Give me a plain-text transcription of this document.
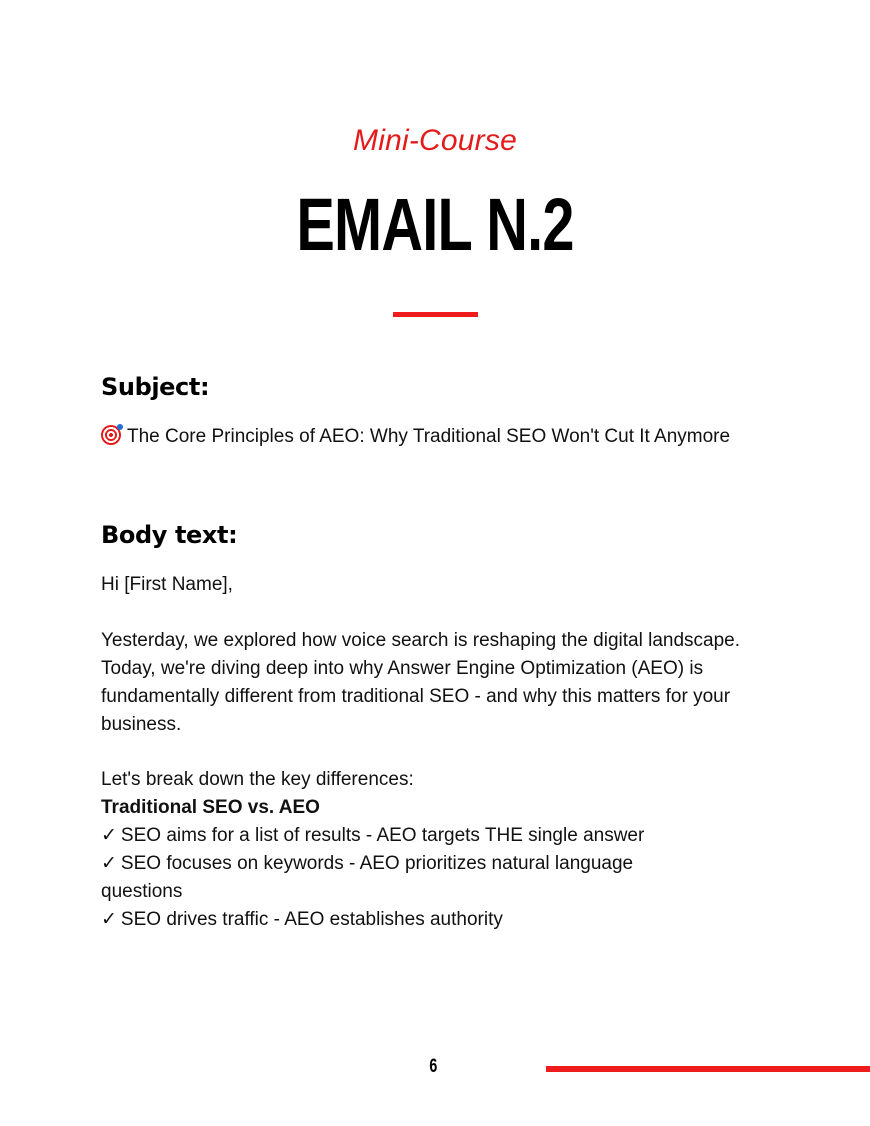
Mini-Course
EMAIL N.2
Subject:
The Core Principles of AEO: Why Traditional SEO Won't Cut It Anymore
Body text:
Hi [First Name],
Yesterday, we explored how voice search is reshaping the digital landscape. Today, we're diving deep into why Answer Engine Optimization (AEO) is fundamentally different from traditional SEO - and why this matters for your business.
Let's break down the key differences:
Traditional SEO vs. AEO
✓ SEO aims for a list of results - AEO targets THE single answer
✓ SEO focuses on keywords - AEO prioritizes natural language questions
✓ SEO drives traffic - AEO establishes authority
6
